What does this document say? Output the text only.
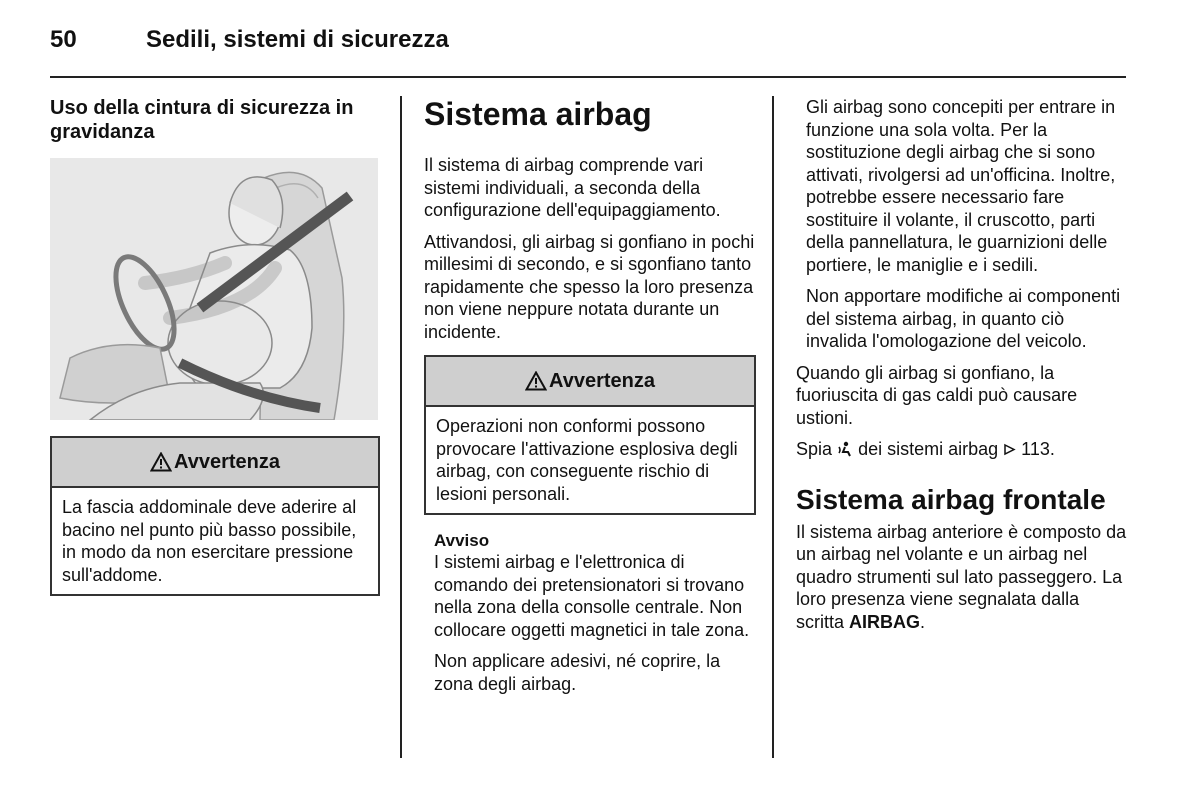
50	Sedili, sistemi di sicurezza
Uso della cintura di sicurezza in gravidanza
Avvertenza
La fascia addominale deve aderire al bacino nel punto più basso possibile, in modo da non esercitare pressione sull'addome.
Sistema airbag

Il sistema di airbag comprende vari sistemi individuali, a seconda della configurazione dell'equipaggiamento.

Attivandosi, gli airbag si gonfiano in pochi millesimi di secondo, e si sgonfiano tanto rapidamente che spesso la loro presenza non viene neppure notata durante un incidente.

Avvertenza
Operazioni non conformi possono provocare l'attivazione esplosiva degli airbag, con conseguente rischio di lesioni personali.
Avviso

I sistemi airbag e l'elettronica di comando dei pretensionatori si trovano nella zona della consolle centrale. Non collocare oggetti magnetici in tale zona.

Non applicare adesivi, né coprire, la zona degli airbag.

Gli airbag sono concepiti per entrare in funzione una sola volta. Per la sostituzione degli airbag che si sono attivati, rivolgersi ad un'officina. Inoltre, potrebbe essere necessario fare sostituire il volante, il cruscotto, parti della pannellatura, le guarnizioni delle portiere, le maniglie e i sedili.

Non apportare modifiche ai componenti del sistema airbag, in quanto ciò invalida l'omologazione del veicolo.

Quando gli airbag si gonfiano, la fuoriuscita di gas caldi può causare ustioni.

Spia dei sistemi airbag 113.

Sistema airbag frontale

Il sistema airbag anteriore è composto da un airbag nel volante e un airbag nel quadro strumenti sul lato passeggero. La loro presenza viene segnalata dalla scritta AIRBAG.
